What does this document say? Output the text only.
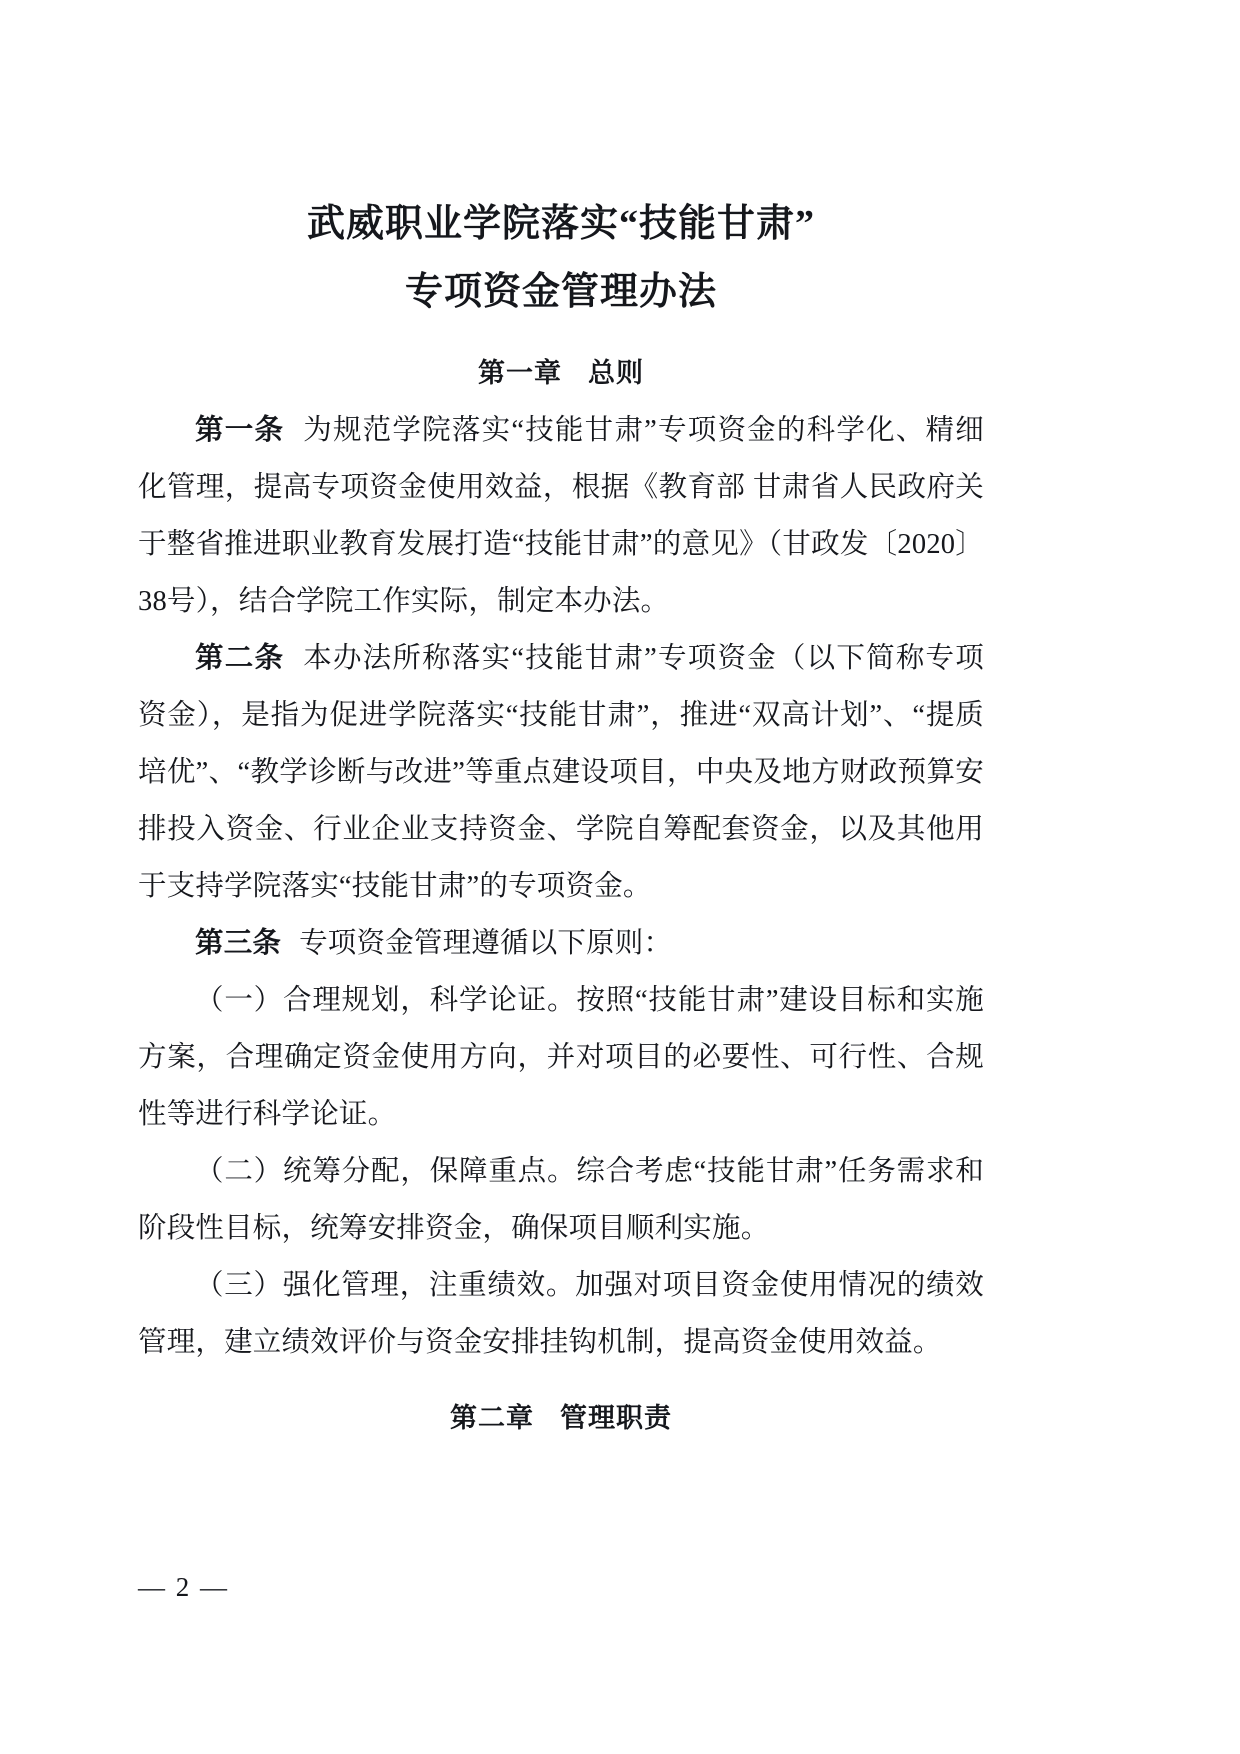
武威职业学院落实“技能甘肃”
专项资金管理办法
第一章 总则

第一条 为规范学院落实“技能甘肃”专项资金的科学化、精细化管理，提高专项资金使用效益，根据《教育部 甘肃省人民政府关于整省推进职业教育发展打造“技能甘肃”的意见》（甘政发〔2020〕38号），结合学院工作实际，制定本办法。

第二条 本办法所称落实“技能甘肃”专项资金（以下简称专项资金），是指为促进学院落实“技能甘肃”，推进“双高计划”、“提质培优”、“教学诊断与改进”等重点建设项目，中央及地方财政预算安排投入资金、行业企业支持资金、学院自筹配套资金，以及其他用于支持学院落实“技能甘肃”的专项资金。

第三条 专项资金管理遵循以下原则：

（一）合理规划，科学论证。按照“技能甘肃”建设目标和实施方案，合理确定资金使用方向，并对项目的必要性、可行性、合规性等进行科学论证。

（二）统筹分配，保障重点。综合考虑“技能甘肃”任务需求和阶段性目标，统筹安排资金，确保项目顺利实施。

（三）强化管理，注重绩效。加强对项目资金使用情况的绩效管理，建立绩效评价与资金安排挂钩机制，提高资金使用效益。

第二章 管理职责
— 2 —
